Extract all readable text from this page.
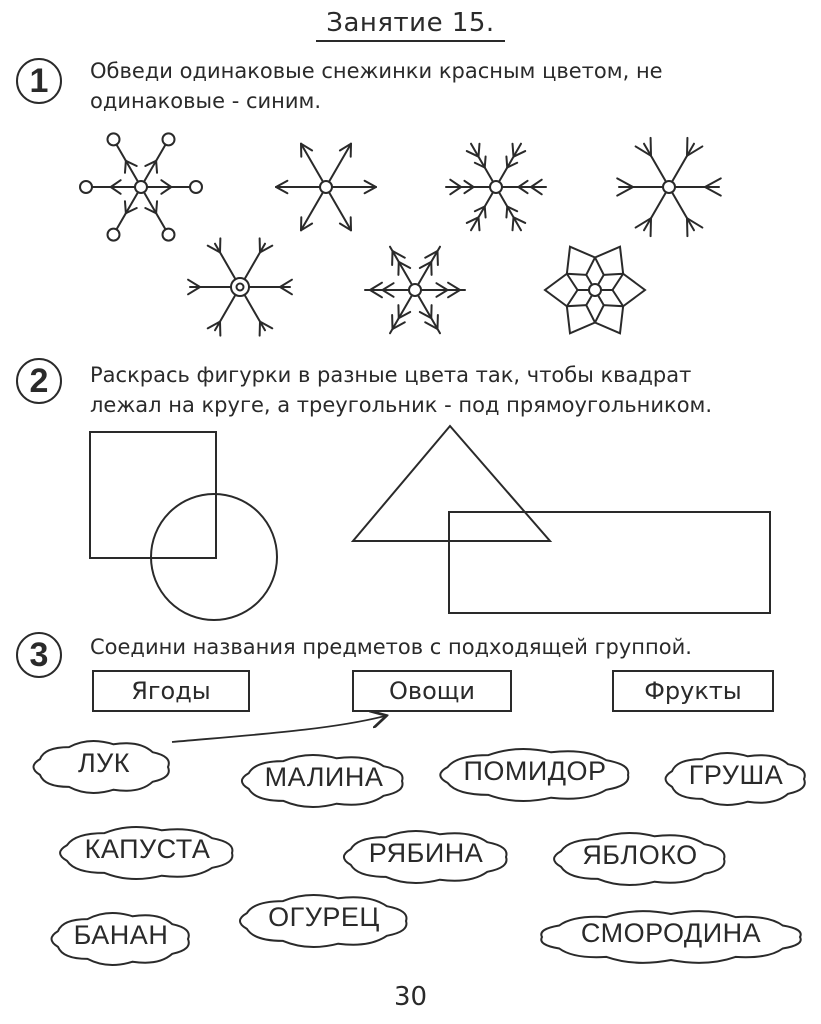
Занятие 15.
1	Обведи одинаковые снежинки красным цветом, не
одинаковые - синим.
2	Раскрась фигурки в разные цвета так, чтобы квадрат
лежал на круге, а треугольник - под прямоугольником.
3	Соедини названия предметов с подходящей группой.
Ягоды	Овощи	Фрукты
ЛУК	МАЛИНА	ПОМИДОР	ГРУША
КАПУСТА	РЯБИНА	ЯБЛОКО
БАНАН
ОГУРЕЦ
СМОРОДИНА
30
